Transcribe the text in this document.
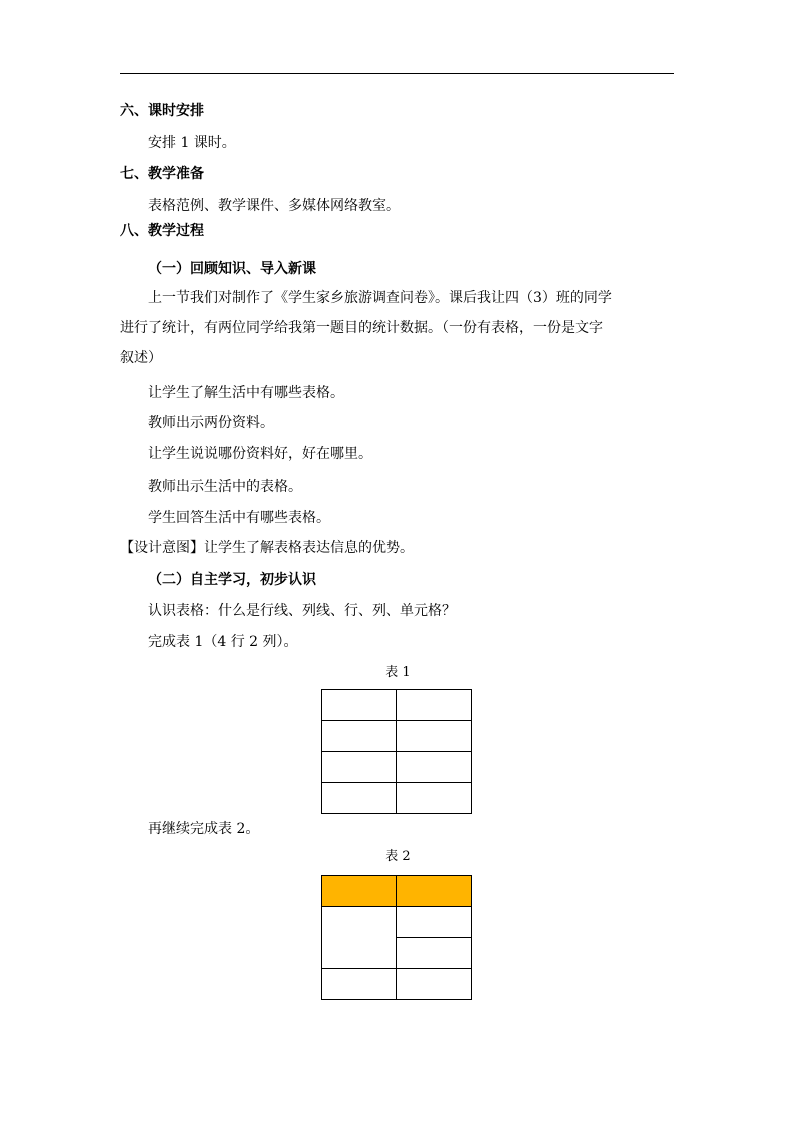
六、课时安排
安排 1 课时。
七、教学准备
表格范例、教学课件、多媒体网络教室。
八、教学过程
（一）回顾知识、导入新课
上一节我们对制作了《学生家乡旅游调查问卷》。课后我让四（3）班的同学
进行了统计，有两位同学给我第一题目的统计数据。（一份有表格，一份是文字
叙述）
让学生了解生活中有哪些表格。
教师出示两份资料。
让学生说说哪份资料好，好在哪里。
教师出示生活中的表格。
学生回答生活中有哪些表格。
【设计意图】让学生了解表格表达信息的优势。
（二）自主学习，初步认识
认识表格：什么是行线、列线、行、列、单元格？
完成表 1（4 行 2 列）。
表 1

再继续完成表 2。
表 2
